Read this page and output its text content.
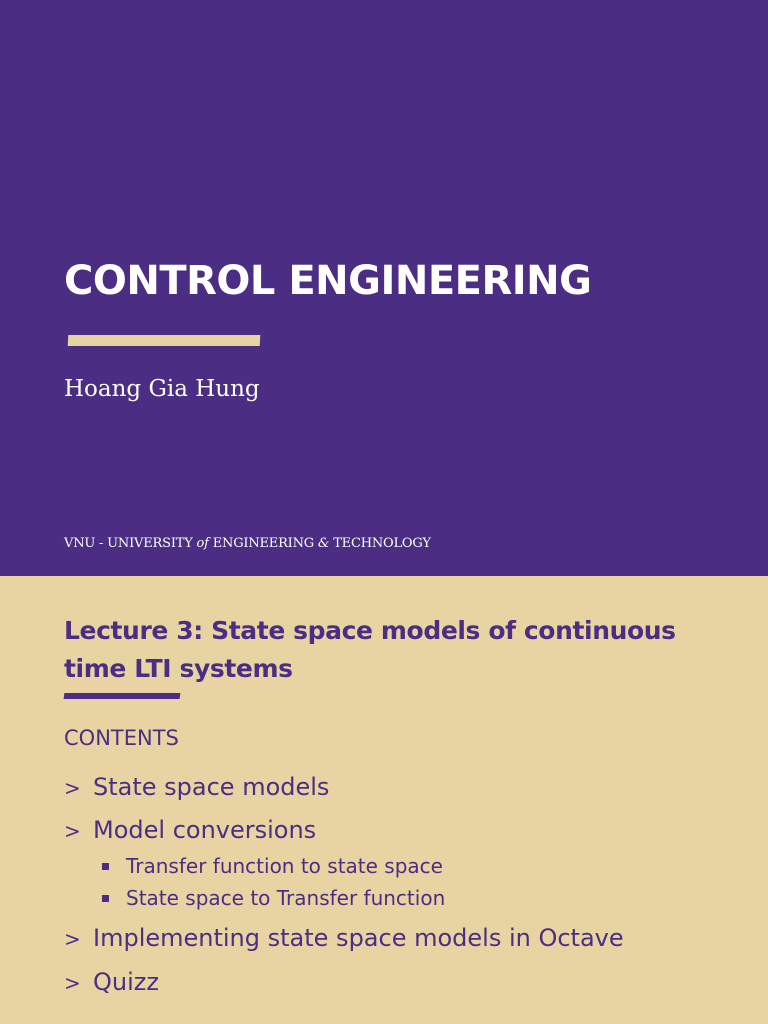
CONTROL ENGINEERING
Hoang Gia Hung
VNU - UNIVERSITY of ENGINEERING & TECHNOLOGY
Lecture 3: State space models of continuous time LTI systems
CONTENTS
> State space models
> Model conversions
Transfer function to state space
State space to Transfer function
> Implementing state space models in Octave
> Quizz
